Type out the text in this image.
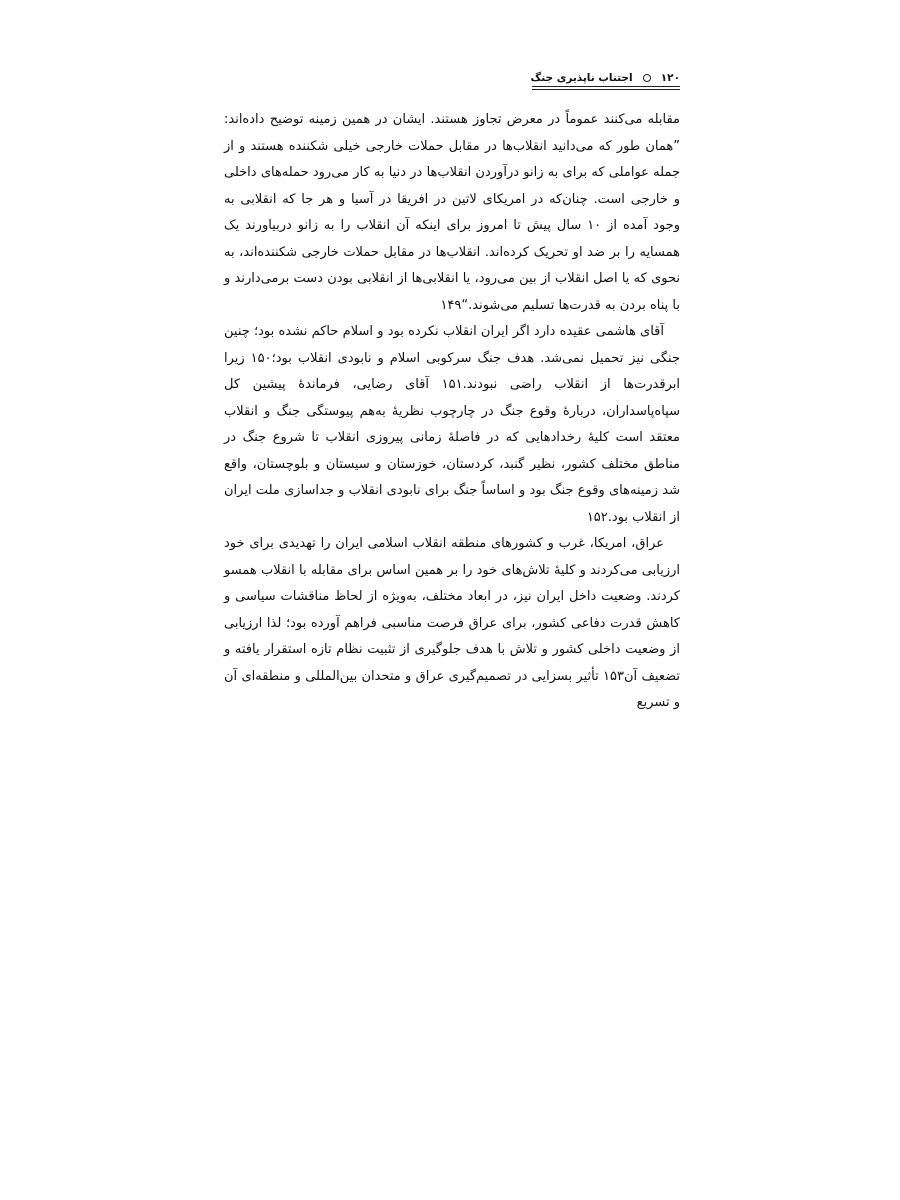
۱۲۰  اجتناب ناپذیری جنگ

مقابله می‌کنند عموماً در معرض تجاوز هستند. ایشان در همین زمینه توضیح داده‌اند: ”همان طور که می‌دانید انقلاب‌ها در مقابل حملات خارجی خیلی شکننده هستند و از جمله عواملی که برای به زانو درآوردن انقلاب‌ها در دنیا به کار می‌رود حمله‌های داخلی و خارجی است. چنان‌که در امریکای لاتین در افریقا در آسیا و هر جا که انقلابی به وجود آمده از ۱۰ سال پیش تا امروز برای اینکه آن انقلاب را به زانو دربیاورند یک همسایه را بر ضد او تحریک کرده‌اند. انقلاب‌ها در مقابل حملات خارجی شکننده‌اند، به نحوی که یا اصل انقلاب از بین می‌رود، یا انقلابی‌ها از انقلابی بودن دست برمی‌دارند و با پناه بردن به قدرت‌ها تسلیم می‌شوند.“۱۴۹

آقای هاشمی عقیده دارد اگر ایران انقلاب نکرده بود و اسلام حاکم نشده بود؛ چنین جنگی نیز تحمیل نمی‌شد. هدف جنگ سرکوبی اسلام و نابودی انقلاب بود؛۱۵۰ زیرا ابرقدرت‌ها از انقلاب راضی نبودند.۱۵۱ آقای رضایی، فرماندهٔ پیشین کل سپاه‌پاسداران، دربارهٔ وقوع جنگ در چارچوب نظریهٔ به‌هم پیوستگی جنگ و انقلاب معتقد است کلیهٔ رخدادهایی که در فاصلهٔ زمانی پیروزی انقلاب تا شروع جنگ در مناطق مختلف کشور، نظیر گنبد، کردستان، خوزستان و سیستان و بلوچستان، واقع شد زمینه‌های وقوع جنگ بود و اساساً جنگ برای نابودی انقلاب و جداسازی ملت ایران از انقلاب بود.۱۵۲

عراق، امریکا، غرب و کشورهای منطقه انقلاب اسلامی ایران را تهدیدی برای خود ارزیابی می‌کردند و کلیهٔ تلاش‌های خود را بر همین اساس برای مقابله با انقلاب همسو کردند. وضعیت داخل ایران نیز، در ابعاد مختلف، به‌ویژه از لحاظ مناقشات سیاسی و کاهش قدرت دفاعی کشور، برای عراق فرصت مناسبی فراهم آورده بود؛ لذا ارزیابی از وضعیت داخلی کشور و تلاش با هدف جلوگیری از تثبیت نظام تازه استقرار یافته و تضعیف آن۱۵۳ تأثیر بسزایی در تصمیم‌گیری عراق و متحدان بین‌المللی و منطقه‌ای آن و تسریع
